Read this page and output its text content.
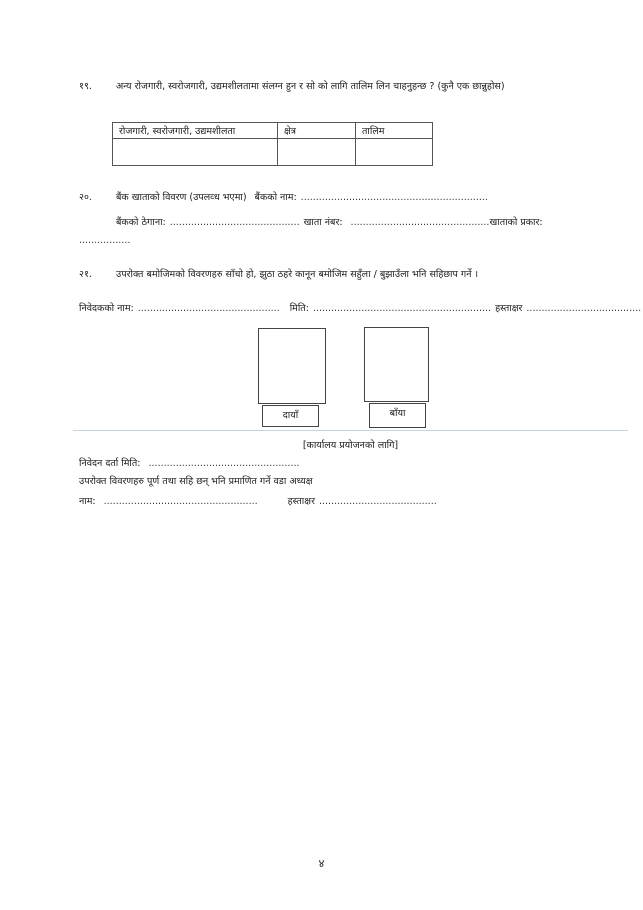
१९.	अन्य रोजगारी, स्वरोजगारी, उद्यमशीलतामा संलग्न हुन र सो को लागि तालिम लिन चाहनुहन्छ ? (कुनै एक छान्नुहोस)
रोजगारी, स्वरोजगारी, उद्यमशीलता	क्षेत्र	तालिम

२०.	बैंक खाताको विवरण (उपलव्ध भएमा) बैंकको नाम: ..............................................................
बैंकको ठेगाना: ........................................... खाता नंबर: .............................................. खाताको प्रकार:
.................
२१.	उपरोक्त बमोजिमको विवरणहरु साँचो हो, झुठा ठहरे कानून बमोजिम सहुँला / बुझाउँला भनि सहिछाप गर्ने ।
निवेदकको नाम: ............................................... मिति: ........................................................... हस्ताक्षर ......................................
दायाँ	बाँया
[कार्यालय प्रयोजनको लागि]
निवेदन दर्ता मिति: ..................................................
उपरोक्त विवरणहरु पूर्ण तथा सहि छन् भनि प्रमाणित गर्ने वडा अध्यक्ष
नाम: ...................................................	हस्ताक्षर .......................................
४
